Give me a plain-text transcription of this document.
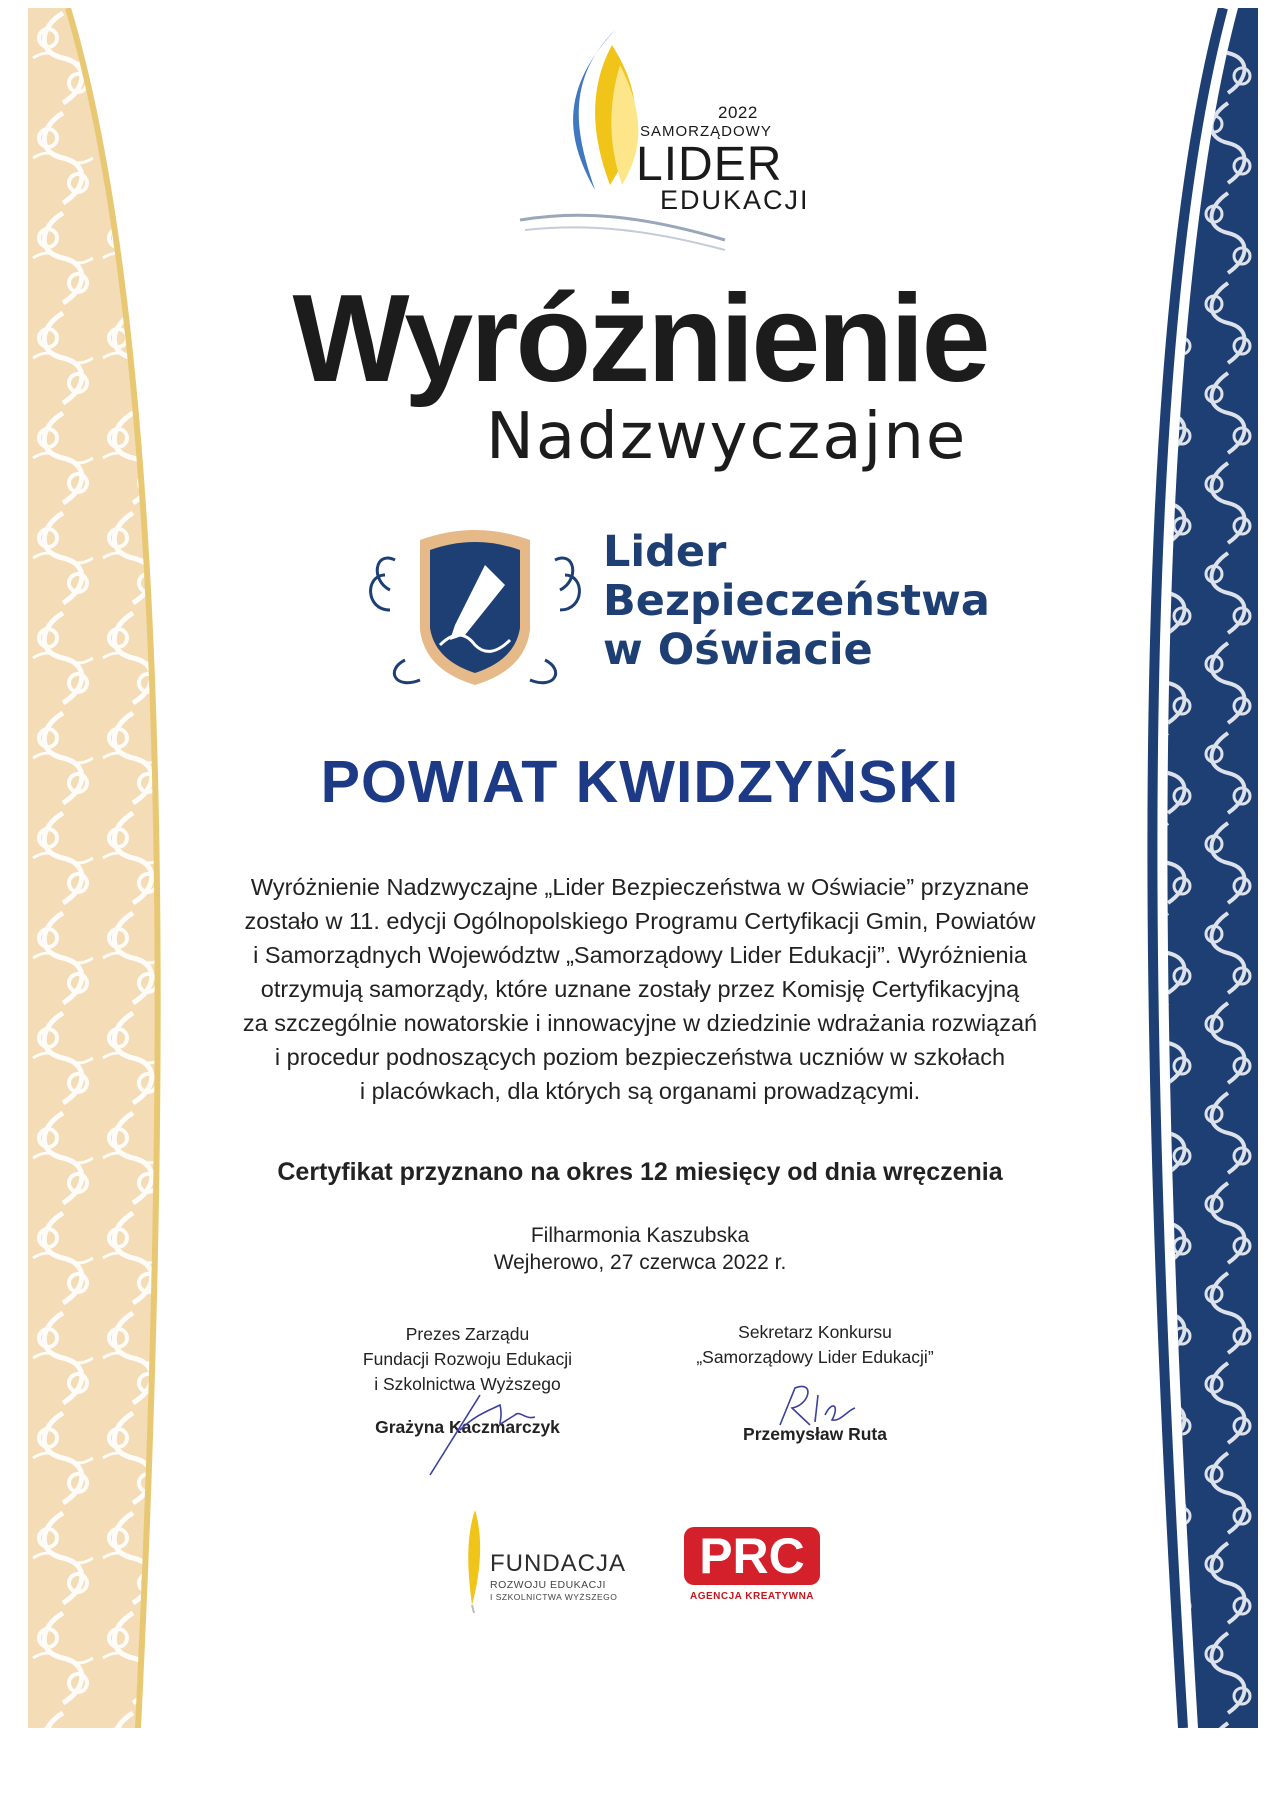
2022
SAMORZĄDOWY
LIDER
EDUKACJI
Wyróżnienie
Nadzwyczajne
Lider
Bezpieczeństwa
w Oświacie
POWIAT KWIDZYŃSKI
Wyróżnienie Nadzwyczajne „Lider Bezpieczeństwa w Oświacie” przyznane
zostało w 11. edycji Ogólnopolskiego Programu Certyfikacji Gmin, Powiatów
i Samorządnych Województw „Samorządowy Lider Edukacji”. Wyróżnienia
otrzymują samorządy, które uznane zostały przez Komisję Certyfikacyjną
za szczególnie nowatorskie i innowacyjne w dziedzinie wdrażania rozwiązań
i procedur podnoszących poziom bezpieczeństwa uczniów w szkołach
i placówkach, dla których są organami prowadzącymi.
Certyfikat przyznano na okres 12 miesięcy od dnia wręczenia
Filharmonia Kaszubska
Wejherowo, 27 czerwca 2022 r.
Prezes Zarządu
Fundacji Rozwoju Edukacji
i Szkolnictwa Wyższego
Grażyna Kaczmarczyk
Sekretarz Konkursu
„Samorządowy Lider Edukacji”
Przemysław Ruta
FUNDACJA
ROZWOJU EDUKACJI
I SZKOLNICTWA WYŻSZEGO
PRC
AGENCJA KREATYWNA
